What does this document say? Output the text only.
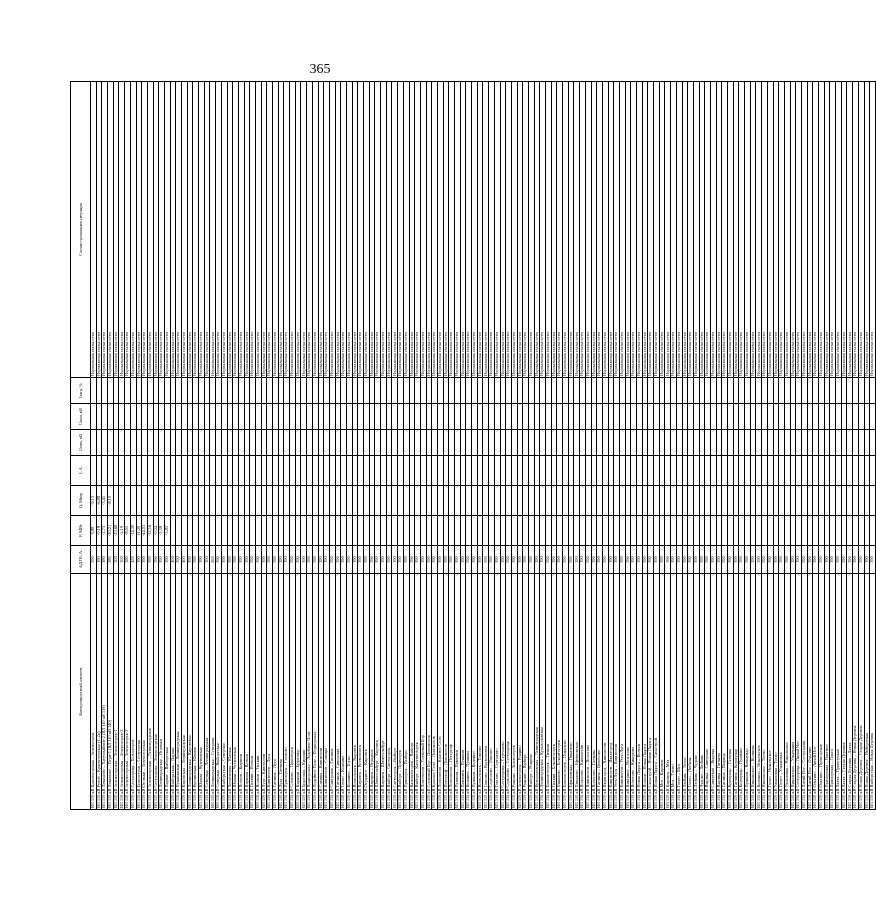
365
Контролируемый элемент	АДТН, А	P, МВт	Q, Мвар	I, А	Uнач, кВ	Uкон, кВ	Iзагр, %	Схемно-режимная ситуация
ВЛ 110 кВ Красногорская – Зеленогорск	390	0,88	-9,13					Нормальная схема сети
ВЛ 110 кВ Ручей – Красногорская (1–2ц)	390	-0,18	-6,88					Нормальная схема сети
ВЛ 110 кВ Левашово – Хиттолайнен-2 (ВЛ 110 кВ 139)	380	-2,73	-3,45					Нормальная схема сети
ВЛ 110 кВ Левашово – Пери-1 (ВЛ 110 кВ 140)	380	-20,21	-8,10					Нормальная схема сети
ВЛ 110 кВ Зеленогорская – Зеленогорск-1	300	-23,68						Нормальная схема сети
ВЛ 110 кВ Зеленогорская – Зеленогорск-2	300	-2,19						Нормальная схема сети
ВЛ 110 кВ Зеленогорская – Зеленогорск-3	380	-8,03						Нормальная схема сети
ВЛ 110 кВ Сестрорецк – Белоостров	450	-14,30						Нормальная схема сети
ВЛ 110 кВ Белоостров – Сестрорецк	390	11,20						Нормальная схема сети
ВЛ 110 кВ Огоньки – Зеленогорская	390	-44,01						Нормальная схема сети
ВЛ 110 кВ Зеленогорская – Ленинградская	390	-32,16						Нормальная схема сети
ВЛ 110 кВ Сестрорецк – Зеленогорская	390	-0,34						Нормальная схема сети
ВЛ 110 кВ Ленинградская – Огоньки	390	-2,58						Нормальная схема сети
ВЛ 110 кВ Парнас – Выборгская	390	-3,83						Нормальная схема сети
ВЛ 110 кВ Выборгская – Парнас	400							Нормальная схема сети
ВЛ 110 кВ Пушкинская – Ленинградская	390							Нормальная схема сети
ВЛ 110 кВ Кировская – Ленинградская	400							Нормальная схема сети
ВЛ 110 кВ Ленинградская – Кировская	390							Нормальная схема сети
ВЛ 110 кВ Купчинская – Южная	390							Нормальная схема сети
ВЛ 110 кВ Южная – Купчинская	390							Нормальная схема сети
ВЛ 110 кВ Северная – Ленинградская	300							Нормальная схема сети
ВЛ 110 кВ Ленинградская – Северная	265							Нормальная схема сети
ВЛ 110 кВ Северная – Выборгская	390							Нормальная схема сети
ВЛ 110 кВ Выборгская – Северная	390							Нормальная схема сети
ВЛ 110 кВ Чесменская – Южная	390							Нормальная схема сети
ВЛ 110 кВ Южная – Чесменская	390							Нормальная схема сети
ВЛ 110 кВ Волхов – Кириши	390							Нормальная схема сети
ВЛ 110 кВ Кириши – Волхов	390							Нормальная схема сети
ВЛ 110 кВ Тихвин – Волхов	390							Нормальная схема сети
ВЛ 110 кВ Волхов – Тихвин	390							Нормальная схема сети
ВЛ 110 кВ Луга – Кингисепп	390							Нормальная схема сети
ВЛ 110 кВ Кингисепп – Луга	390							Нормальная схема сети
ВЛ 110 кВ Гатчина – Луга	390							Нормальная схема сети
ВЛ 110 кВ Луга – Гатчина	390							Нормальная схема сети
ВЛ 110 кВ Приозерск – Сосново	390							Нормальная схема сети
ВЛ 110 кВ Сосново – Приозерск	390							Нормальная схема сети
ВЛ 110 кВ Кириши – Будогощь	390							Нормальная схема сети
ВЛ 110 кВ Будогощь – Кириши	390							Нормальная схема сети
ВЛ 110 кВ Подпорожье – Лодейное Поле	390							Нормальная схема сети
ВЛ 110 кВ Лодейное Поле – Подпорожье	390							Нормальная схема сети
ВЛ 110 кВ Сланцы – Кингисепп	390							Нормальная схема сети
ВЛ 110 кВ Кингисепп – Сланцы	390							Нормальная схема сети
ВЛ 110 кВ Сиверская – Гатчина	390							Нормальная схема сети
ВЛ 110 кВ Гатчина – Сиверская	390							Нормальная схема сети
ВЛ 110 кВ Тосно – Колпино	390							Нормальная схема сети
ВЛ 110 кВ Колпино – Тосно	390							Нормальная схема сети
ВЛ 110 кВ Всеволожск – Кировск	390							Нормальная схема сети
ВЛ 110 кВ Кировск – Всеволожск	390							Нормальная схема сети
ВЛ 110 кВ Отрадное – Кировск	390							Нормальная схема сети
ВЛ 110 кВ Кировск – Отрадное	390							Нормальная схема сети
ВЛ 110 кВ Шлиссельбург – Кировск	390							Нормальная схема сети
ВЛ 110 кВ Кировск – Шлиссельбург	390							Нормальная схема сети
ВЛ 110 кВ Выборг – Светогорск	390							Нормальная схема сети
ВЛ 110 кВ Светогорск – Выборг	390							Нормальная схема сети
ВЛ 110 кВ Выборг – Приморск	390							Нормальная схема сети
ВЛ 110 кВ Приморск – Выборг	390							Нормальная схема сети
ВЛ 110 кВ Каменногорск – Выборг	390							Нормальная схема сети
ВЛ 110 кВ Выборг – Каменногорск	390							Нормальная схема сети
ВЛ 110 кВ Ломоносов – Сосновый Бор	390							Нормальная схема сети
ВЛ 110 кВ Сосновый Бор – Ломоносов	390							Нормальная схема сети
ВЛ 110 кВ Красное Село – Ломоносов	390							Нормальная схема сети
ВЛ 110 кВ Ломоносов – Красное Село	390							Нормальная схема сети
ВЛ 110 кВ Петергоф – Ломоносов	390							Нормальная схема сети
ВЛ 110 кВ Ломоносов – Петергоф	390							Нормальная схема сети
ВЛ 110 кВ Пушкин – Павловск	390							Нормальная схема сети
ВЛ 110 кВ Павловск – Пушкин	390							Нормальная схема сети
ВЛ 110 кВ Колпино – Пушкин	390							Нормальная схема сети
ВЛ 110 кВ Пушкин – Колпино	390							Нормальная схема сети
ВЛ 110 кВ Всеволожск – Токсово	390							Нормальная схема сети
ВЛ 110 кВ Токсово – Всеволожск	390							Нормальная схема сети
ВЛ 110 кВ Сертолово – Токсово	390							Нормальная схема сети
ВЛ 110 кВ Токсово – Сертолово	390							Нормальная схема сети
ВЛ 110 кВ Сестрорецк – Сертолово	390							Нормальная схема сети
ВЛ 110 кВ Сертолово – Сестрорецк	390							Нормальная схема сети
ВЛ 110 кВ Рощино – Зеленогорск	390							Нормальная схема сети
ВЛ 110 кВ Зеленогорск – Рощино	390							Нормальная схема сети
ВЛ 110 кВ Рощино – Выборг	390							Нормальная схема сети
ВЛ 110 кВ Выборг – Рощино	390							Нормальная схема сети
ВЛ 110 кВ Кузьмоловская – Ленинградская	390							Нормальная схема сети
ВЛ 110 кВ Ленинградская – Кузьмоловская	390							Нормальная схема сети
ВЛ 110 кВ Бокситогорск – Тихвин	390							Нормальная схема сети
ВЛ 110 кВ Тихвин – Бокситогорск	390							Нормальная схема сети
ВЛ 110 кВ Пикалево – Бокситогорск	390							Нормальная схема сети
ВЛ 110 кВ Бокситогорск – Пикалево	390							Нормальная схема сети
ВЛ 110 кВ Ефимовская – Пикалево	390							Нормальная схема сети
ВЛ 110 кВ Пикалево – Ефимовская	390							Нормальная схема сети
ВЛ 110 кВ Волосово – Кингисепп	390							Нормальная схема сети
ВЛ 110 кВ Кингисепп – Волосово	390							Нормальная схема сети
ВЛ 110 кВ Волосово – Гатчина	390							Нормальная схема сети
ВЛ 110 кВ Гатчина – Волосово	390							Нормальная схема сети
ВЛ 110 кВ Ивангород – Кингисепп	390							Нормальная схема сети
ВЛ 110 кВ Кингисепп – Ивангород	390							Нормальная схема сети
ВЛ 110 кВ Усть-Луга – Кингисепп	390							Нормальная схема сети
ВЛ 110 кВ Кингисепп – Усть-Луга	390							Нормальная схема сети
ВЛ 110 кВ Кикерино – Волосово	390							Нормальная схема сети
ВЛ 110 кВ Волосово – Кикерино	390							Нормальная схема сети
ВЛ 110 кВ Новая Ладога – Волхов	390							Нормальная схема сети
ВЛ 110 кВ Волхов – Новая Ладога	390							Нормальная схема сети
ВЛ 110 кВ Сясьстрой – Новая Ладога	390							Нормальная схема сети
ВЛ 110 кВ Новая Ладога – Сясьстрой	390							Нормальная схема сети
ВЛ 110 кВ Мга – Кировск	390							Нормальная схема сети
ВЛ 110 кВ Кировск – Мга	390							Нормальная схема сети
ВЛ 110 кВ Мга – Тосно	390							Нормальная схема сети
ВЛ 110 кВ Тосно – Мга	390							Нормальная схема сети
ВЛ 110 кВ Любань – Тосно	390							Нормальная схема сети
ВЛ 110 кВ Тосно – Любань	390							Нормальная схема сети
ВЛ 110 кВ Любань – Чудово	390							Нормальная схема сети
ВЛ 110 кВ Чудово – Любань	390							Нормальная схема сети
ВЛ 110 кВ Вырица – Сиверская	390							Нормальная схема сети
ВЛ 110 кВ Сиверская – Вырица	390							Нормальная схема сети
ВЛ 110 кВ Вырица – Гатчина	390							Нормальная схема сети
ВЛ 110 кВ Гатчина – Вырица	390							Нормальная схема сети
ВЛ 110 кВ Коммунар – Гатчина	390							Нормальная схема сети
ВЛ 110 кВ Гатчина – Коммунар	390							Нормальная схема сети
ВЛ 110 кВ Коммунар – Пушкин	390							Нормальная схема сети
ВЛ 110 кВ Пушкин – Коммунар	390							Нормальная схема сети
ВЛ 110 кВ Никольское – Колпино	390							Нормальная схема сети
ВЛ 110 кВ Колпино – Никольское	390							Нормальная схема сети
ВЛ 110 кВ Никольское – Тосно	390							Нормальная схема сети
ВЛ 110 кВ Тосно – Никольское	390							Нормальная схема сети
ВЛ 110 кВ Ульяновка – Тосно	390							Нормальная схема сети
ВЛ 110 кВ Тосно – Ульяновка	390							Нормальная схема сети
ВЛ 110 кВ Ульяновка – Никольское	390							Нормальная схема сети
ВЛ 110 кВ Никольское – Ульяновка	390							Нормальная схема сети
ВЛ 110 кВ Сестрорецк – Лисий Нос	390							Нормальная схема сети
ВЛ 110 кВ Лисий Нос – Сестрорецк	390							Нормальная схема сети
ВЛ 110 кВ Лисий Нос – Ольгино	390							Нормальная схема сети
ВЛ 110 кВ Ольгино – Лисий Нос	390							Нормальная схема сети
ВЛ 110 кВ Ольгино – Приморская	390							Нормальная схема сети
ВЛ 110 кВ Приморская – Ольгино	390							Нормальная схема сети
ВЛ 110 кВ Приморская – Лахта	390							Нормальная схема сети
ВЛ 110 кВ Лахта – Приморская	390							Нормальная схема сети
ВЛ 110 кВ Лахта – Старая Деревня	390							Нормальная схема сети
ВЛ 110 кВ Старая Деревня – Лахта	390							Нормальная схема сети
ВЛ 110 кВ Старая Деревня – Новая Деревня	390							Нормальная схема сети
ВЛ 110 кВ Новая Деревня – Старая Деревня	390							Нормальная схема сети
ВЛ 110 кВ Новая Деревня – Выборгская	390							Нормальная схема сети
ВЛ 110 кВ Выборгская – Новая Деревня	390							Нормальная схема сети
